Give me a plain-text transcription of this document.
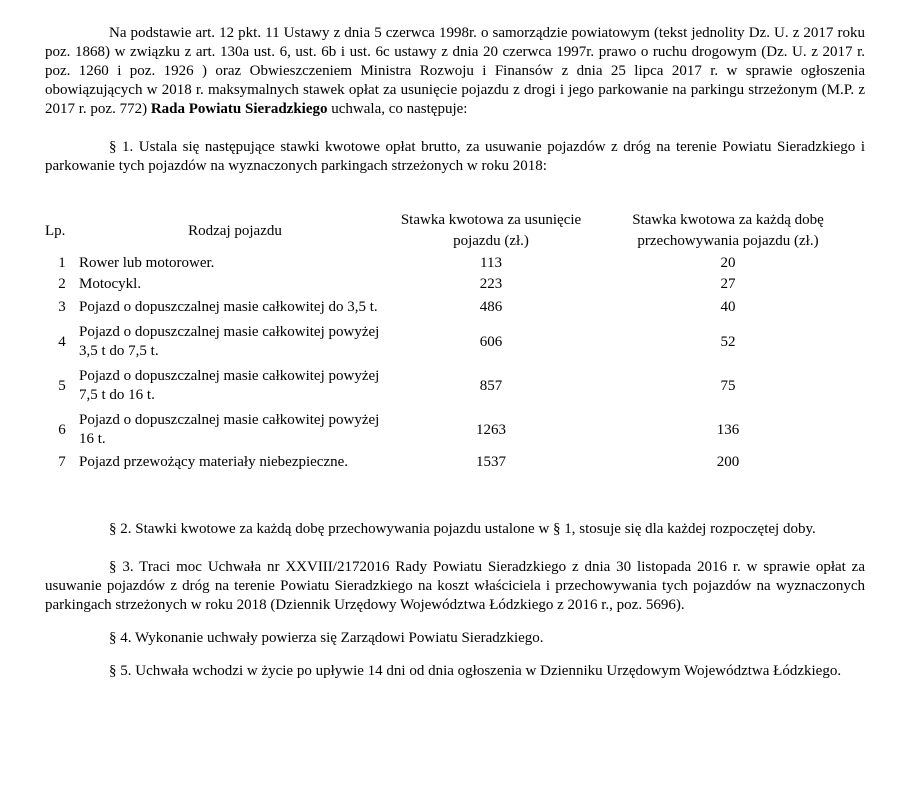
Na podstawie art. 12 pkt. 11 Ustawy z dnia 5 czerwca 1998r. o samorządzie powiatowym (tekst jednolity Dz. U. z 2017 roku poz. 1868) w związku z art. 130a ust. 6, ust. 6b i ust. 6c ustawy z dnia 20 czerwca 1997r. prawo o ruchu drogowym (Dz. U. z 2017 r. poz. 1260 i poz. 1926 ) oraz Obwieszczeniem Ministra Rozwoju i Finansów z dnia 25 lipca 2017 r. w sprawie ogłoszenia obowiązujących w 2018 r. maksymalnych stawek opłat za usunięcie pojazdu z drogi i jego parkowanie na parkingu strzeżonym (M.P. z 2017 r. poz. 772) Rada Powiatu Sieradzkiego uchwala, co następuje:

§ 1. Ustala się następujące stawki kwotowe opłat brutto, za usuwanie pojazdów z dróg na terenie Powiatu Sieradzkiego i parkowanie tych pojazdów na wyznaczonych parkingach strzeżonych w roku 2018:

Lp.	Rodzaj pojazdu	
Stawka kwotowa za usunięcie
pojazdu (zł.)

Stawka kwotowa za każdą dobę
przechowywania pojazdu (zł.)

1	Rower lub motorower.	113	20
2	Motocykl.	223	27
3	Pojazd o dopuszczalnej masie całkowitej do 3,5 t.	486	40
4	Pojazd o dopuszczalnej masie całkowitej powyżej 3,5 t do 7,5 t.	606	52
5	Pojazd o dopuszczalnej masie całkowitej powyżej 7,5 t do 16 t.	857	75
6	Pojazd o dopuszczalnej masie całkowitej powyżej 16 t.	1263	136
7	Pojazd przewożący materiały niebezpieczne.	1537	200

§ 2. Stawki kwotowe za każdą dobę przechowywania pojazdu ustalone w § 1, stosuje się dla każdej rozpoczętej doby.

§ 3. Traci moc Uchwała nr XXVIII/2172016 Rady Powiatu Sieradzkiego z dnia 30 listopada 2016 r. w sprawie opłat za usuwanie pojazdów z dróg na terenie Powiatu Sieradzkiego na koszt właściciela i przechowywania tych pojazdów na wyznaczonych parkingach strzeżonych w roku 2018 (Dziennik Urzędowy Województwa Łódzkiego z 2016 r., poz. 5696).

§ 4. Wykonanie uchwały powierza się Zarządowi Powiatu Sieradzkiego.

§ 5. Uchwała wchodzi w życie po upływie 14 dni od dnia ogłoszenia w Dzienniku Urzędowym Województwa Łódzkiego.
